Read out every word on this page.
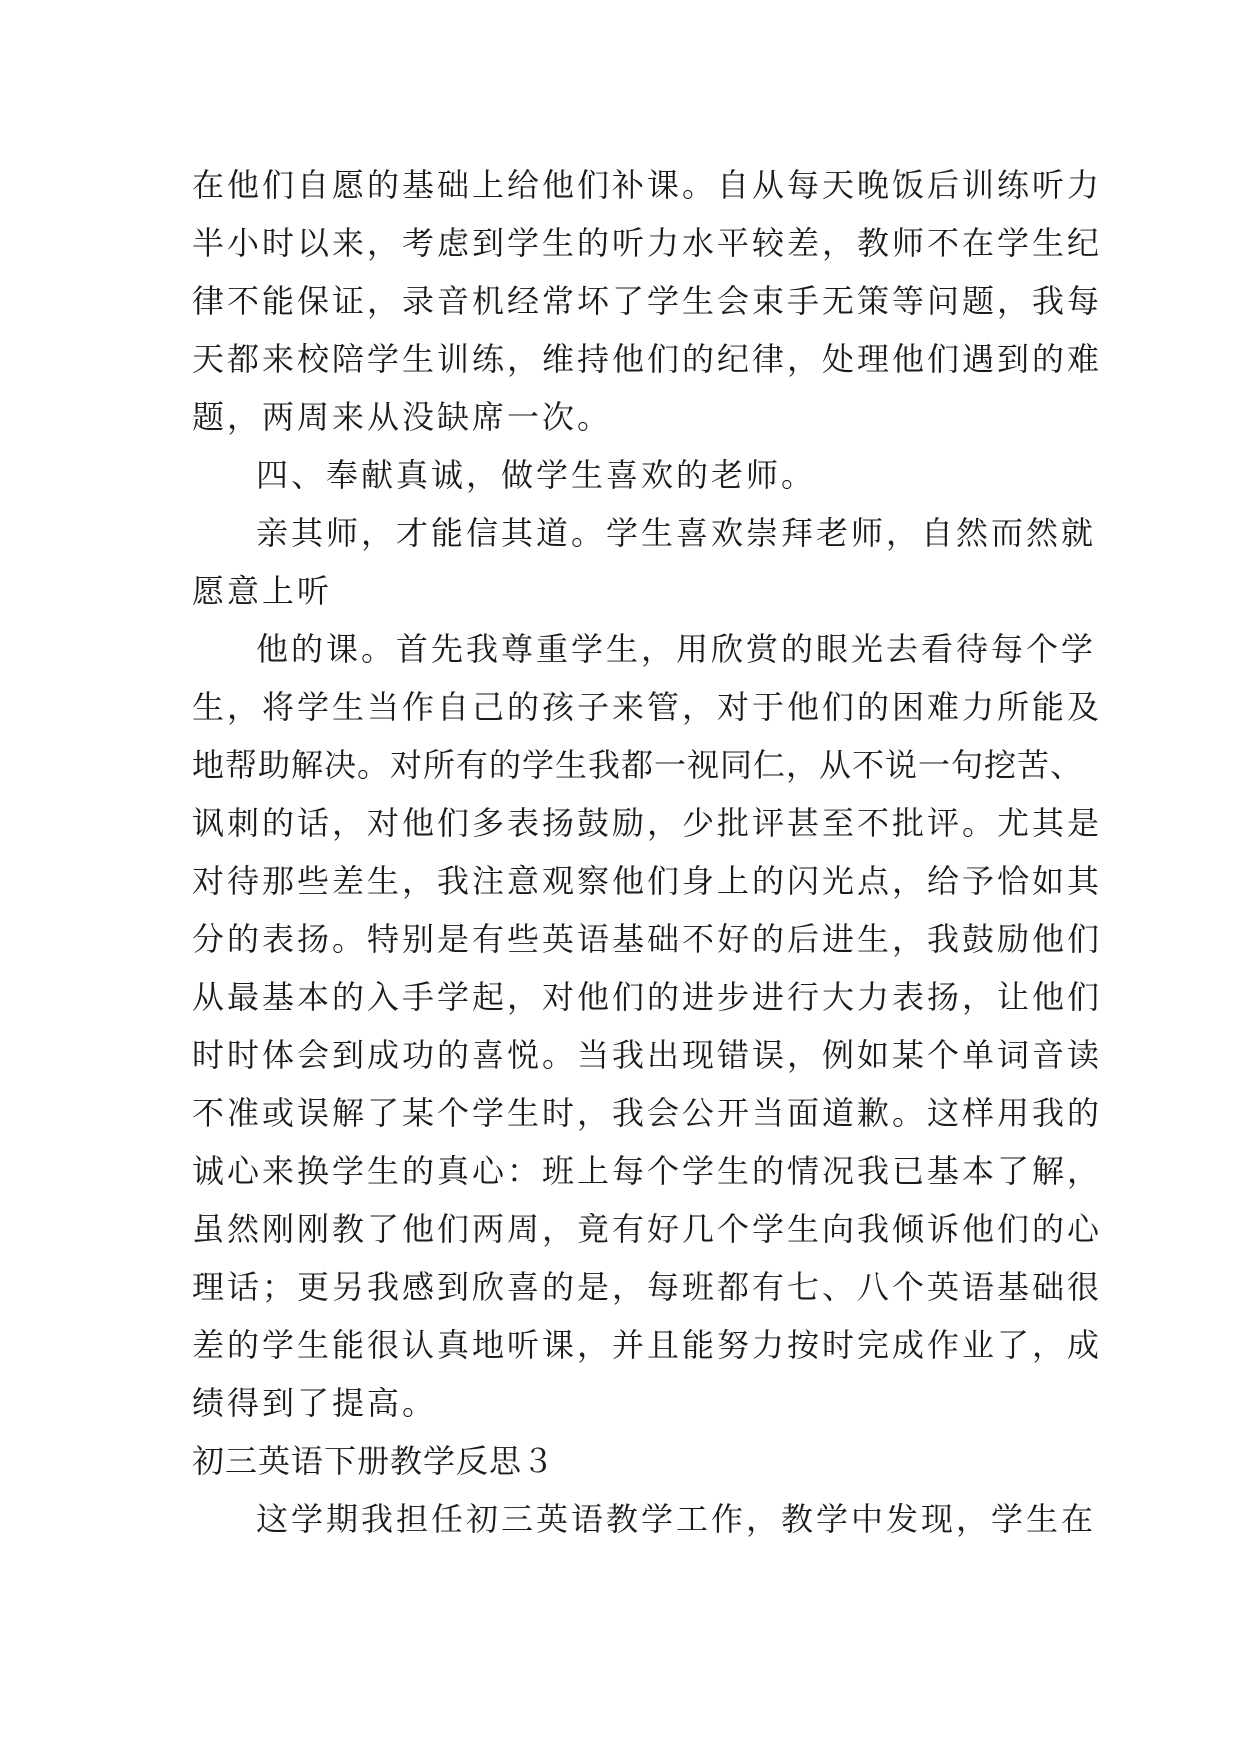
在他们自愿的基础上给他们补课。自从每天晚饭后训练听力
半小时以来，考虑到学生的听力水平较差，教师不在学生纪
律不能保证，录音机经常坏了学生会束手无策等问题，我每
天都来校陪学生训练，维持他们的纪律，处理他们遇到的难
题，两周来从没缺席一次。
四、奉献真诚，做学生喜欢的老师。
亲其师，才能信其道。学生喜欢崇拜老师，自然而然就
愿意上听
他的课。首先我尊重学生，用欣赏的眼光去看待每个学
生，将学生当作自己的孩子来管，对于他们的困难力所能及
地帮助解决。对所有的学生我都一视同仁，从不说一句挖苦、
讽刺的话，对他们多表扬鼓励，少批评甚至不批评。尤其是
对待那些差生，我注意观察他们身上的闪光点，给予恰如其
分的表扬。特别是有些英语基础不好的后进生，我鼓励他们
从最基本的入手学起，对他们的进步进行大力表扬，让他们
时时体会到成功的喜悦。当我出现错误，例如某个单词音读
不准或误解了某个学生时，我会公开当面道歉。这样用我的
诚心来换学生的真心：班上每个学生的情况我已基本了解，
虽然刚刚教了他们两周，竟有好几个学生向我倾诉他们的心
理话；更另我感到欣喜的是，每班都有七、八个英语基础很
差的学生能很认真地听课，并且能努力按时完成作业了，成
绩得到了提高。
初三英语下册教学反思３
这学期我担任初三英语教学工作，教学中发现，学生在
